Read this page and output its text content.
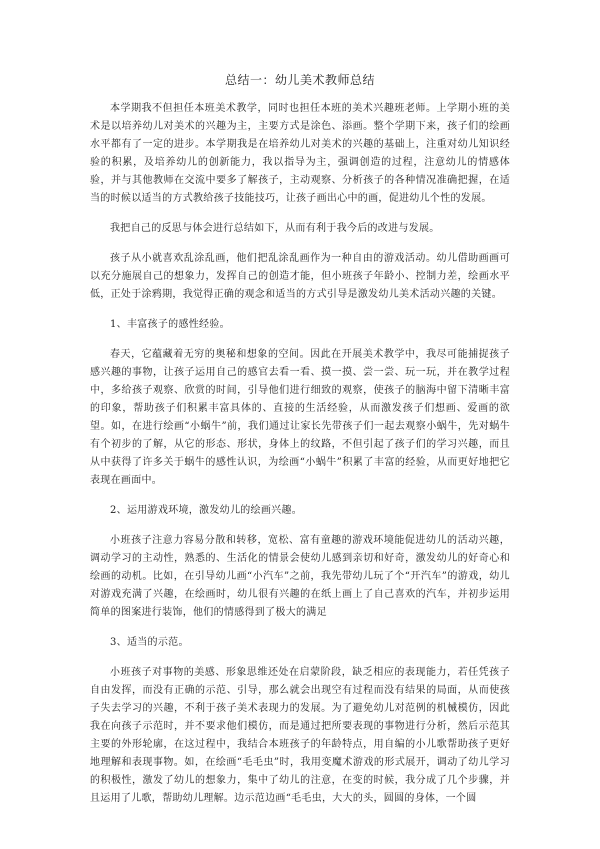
总结一：幼儿美术教师总结

本学期我不但担任本班美术教学，同时也担任本班的美术兴趣班老师。上学期小班的美术是以培养幼儿对美术的兴趣为主，主要方式是涂色、添画。整个学期下来，孩子们的绘画水平都有了一定的进步。本学期我是在培养幼儿对美术的兴趣的基础上，注重对幼儿知识经验的积累，及培养幼儿的创新能力，我以指导为主，强调创造的过程，注意幼儿的情感体验，并与其他教师在交流中要多了解孩子，主动观察、分析孩子的各种情况准确把握，在适当的时候以适当的方式教给孩子技能技巧，让孩子画出心中的画，促进幼儿个性的发展。

我把自己的反思与体会进行总结如下，从而有利于我今后的改进与发展。

孩子从小就喜欢乱涂乱画，他们把乱涂乱画作为一种自由的游戏活动。幼儿借助画画可以充分施展自己的想象力，发挥自己的创造才能，但小班孩子年龄小、控制力差，绘画水平低，正处于涂鸦期，我觉得正确的观念和适当的方式引导是激发幼儿美术活动兴趣的关键。

1、丰富孩子的感性经验。

春天，它蕴藏着无穷的奥秘和想象的空间。因此在开展美术教学中，我尽可能捕捉孩子感兴趣的事物，让孩子运用自己的感官去看一看、摸一摸、尝一尝、玩一玩，并在教学过程中，多给孩子观察、欣赏的时间，引导他们进行细致的观察，使孩子的脑海中留下清晰丰富的印象，帮助孩子们积累丰富具体的、直接的生活经验，从而激发孩子们想画、爱画的欲望。如，在进行绘画“小蜗牛”前，我们通过让家长先带孩子们一起去观察小蜗牛，先对蜗牛有个初步的了解，从它的形态、形状，身体上的纹路，不但引起了孩子们的学习兴趣，而且从中获得了许多关于蜗牛的感性认识，为绘画“小蜗牛”积累了丰富的经验，从而更好地把它表现在画面中。

2、运用游戏环境，激发幼儿的绘画兴趣。

小班孩子注意力容易分散和转移，宽松、富有童趣的游戏环境能促进幼儿的活动兴趣，调动学习的主动性，熟悉的、生活化的情景会使幼儿感到亲切和好奇，激发幼儿的好奇心和绘画的动机。比如，在引导幼儿画“小汽车”之前，我先带幼儿玩了个“开汽车”的游戏，幼儿对游戏充满了兴趣，在绘画时，幼儿很有兴趣的在纸上画上了自己喜欢的汽车，并初步运用简单的图案进行装饰，他们的情感得到了极大的满足

3、适当的示范。

小班孩子对事物的美感、形象思维还处在启蒙阶段，缺乏相应的表现能力，若任凭孩子自由发挥，而没有正确的示范、引导，那么就会出现空有过程而没有结果的局面，从而使孩子失去学习的兴趣，不利于孩子美术表现力的发展。为了避免幼儿对范例的机械模仿，因此我在向孩子示范时，并不要求他们模仿，而是通过把所要表现的事物进行分析，然后示范其主要的外形轮廓，在这过程中，我结合本班孩子的年龄特点，用自编的小儿歌帮助孩子更好地理解和表现事物。如，在绘画“毛毛虫”时，我用变魔术游戏的形式展开，调动了幼儿学习的积极性，激发了幼儿的想象力，集中了幼儿的注意，在变的时候，我分成了几个步骤，并且运用了儿歌，帮助幼儿理解。边示范边画“毛毛虫，大大的头，圆圆的身体，一个圆
